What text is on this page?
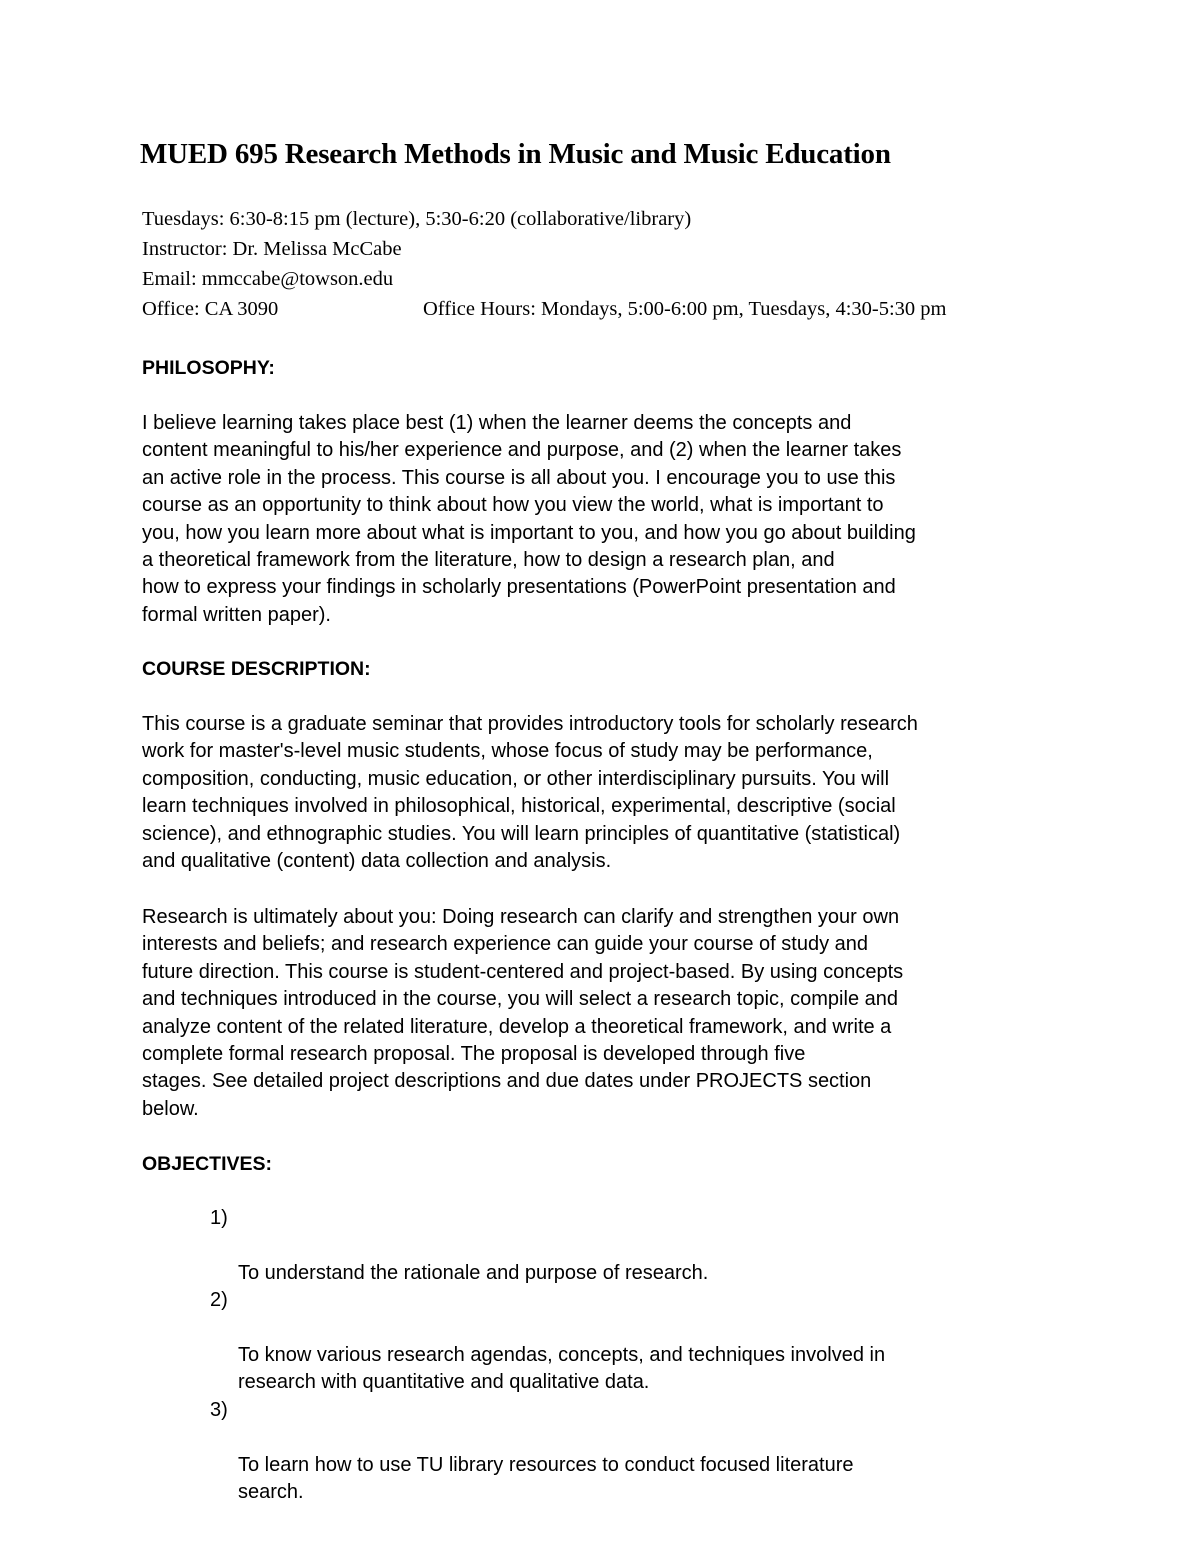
MUED 695 Research Methods in Music and Music Education
Tuesdays: 6:30-8:15 pm (lecture), 5:30-6:20 (collaborative/library)
Instructor: Dr. Melissa McCabe
Email: mmccabe@towson.edu
Office: CA 3090	Office Hours: Mondays, 5:00-6:00 pm, Tuesdays, 4:30-5:30 pm
PHILOSOPHY:

I believe learning takes place best (1) when the learner deems the concepts and
content meaningful to his/her experience and purpose, and (2) when the learner takes
an active role in the process. This course is all about you. I encourage you to use this
course as an opportunity to think about how you view the world, what is important to
you, how you learn more about what is important to you, and how you go about building
a theoretical framework from the literature, how to design a research plan, and
how to express your findings in scholarly presentations (PowerPoint presentation and
formal written paper).

COURSE DESCRIPTION:

This course is a graduate seminar that provides introductory tools for scholarly research
work for master's-level music students, whose focus of study may be performance,
composition, conducting, music education, or other interdisciplinary pursuits. You will
learn techniques involved in philosophical, historical, experimental, descriptive (social
science), and ethnographic studies. You will learn principles of quantitative (statistical)
and qualitative (content) data collection and analysis.

Research is ultimately about you: Doing research can clarify and strengthen your own
interests and beliefs; and research experience can guide your course of study and
future direction. This course is student-centered and project-based. By using concepts
and techniques introduced in the course, you will select a research topic, compile and
analyze content of the related literature, develop a theoretical framework, and write a
complete formal research proposal. The proposal is developed through five
stages. See detailed project descriptions and due dates under PROJECTS section
below.

OBJECTIVES:

1)

To understand the rationale and purpose of research.

2)

To know various research agendas, concepts, and techniques involved in
research with quantitative and qualitative data.

3)

To learn how to use TU library resources to conduct focused literature
search.
